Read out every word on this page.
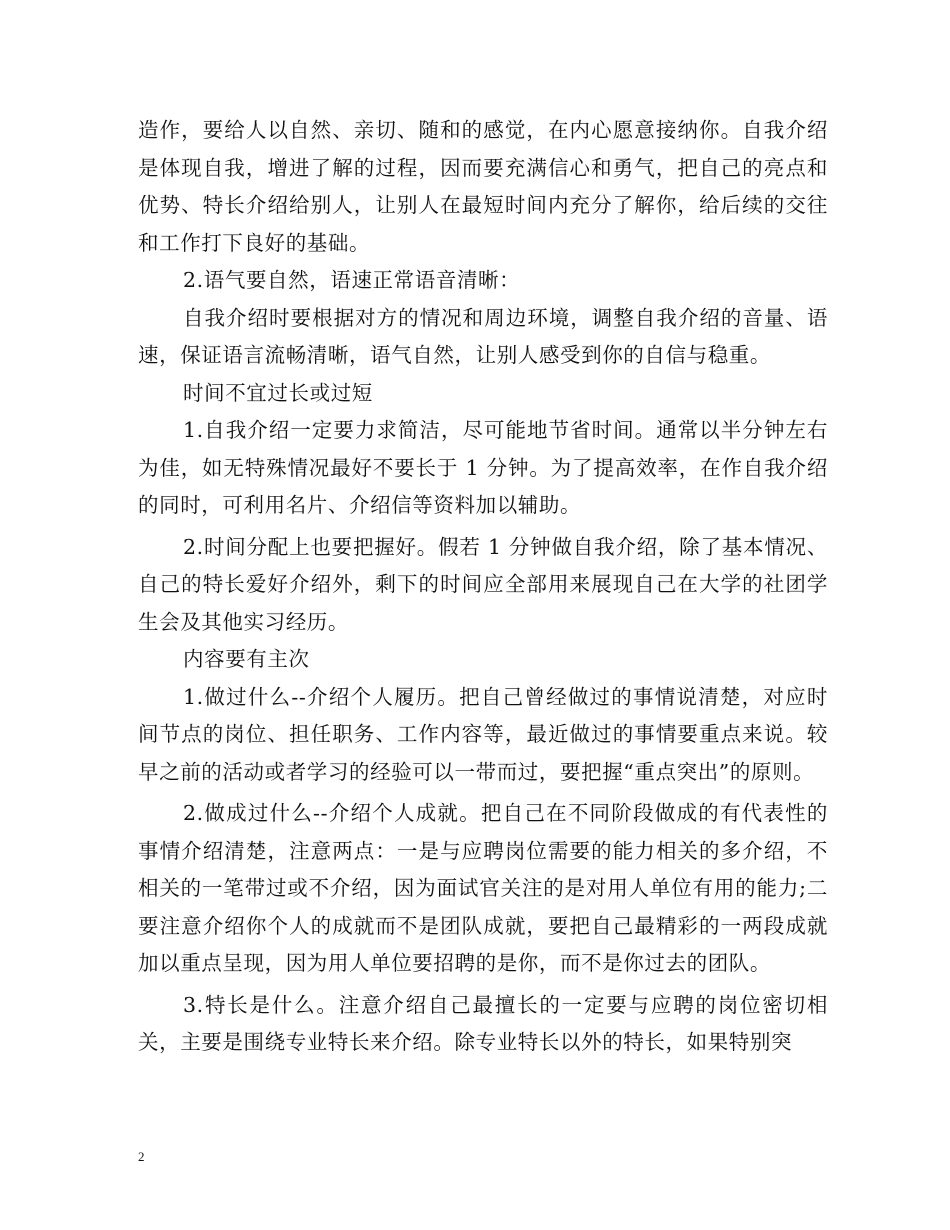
造作，要给人以自然、亲切、随和的感觉，在内心愿意接纳你。自我介绍是体现自我，增进了解的过程，因而要充满信心和勇气，把自己的亮点和优势、特长介绍给别人，让别人在最短时间内充分了解你，给后续的交往和工作打下良好的基础。

2.语气要自然，语速正常语音清晰：

自我介绍时要根据对方的情况和周边环境，调整自我介绍的音量、语速，保证语言流畅清晰，语气自然，让别人感受到你的自信与稳重。

时间不宜过长或过短

1.自我介绍一定要力求简洁，尽可能地节省时间。通常以半分钟左右为佳，如无特殊情况最好不要长于 1 分钟。为了提高效率，在作自我介绍的同时，可利用名片、介绍信等资料加以辅助。

2.时间分配上也要把握好。假若 1 分钟做自我介绍，除了基本情况、自己的特长爱好介绍外，剩下的时间应全部用来展现自己在大学的社团学生会及其他实习经历。

内容要有主次

1.做过什么--介绍个人履历。把自己曾经做过的事情说清楚，对应时间节点的岗位、担任职务、工作内容等，最近做过的事情要重点来说。较早之前的活动或者学习的经验可以一带而过，要把握“重点突出”的原则。

2.做成过什么--介绍个人成就。把自己在不同阶段做成的有代表性的事情介绍清楚，注意两点：一是与应聘岗位需要的能力相关的多介绍，不相关的一笔带过或不介绍，因为面试官关注的是对用人单位有用的能力;二要注意介绍你个人的成就而不是团队成就，要把自己最精彩的一两段成就加以重点呈现，因为用人单位要招聘的是你，而不是你过去的团队。

3.特长是什么。注意介绍自己最擅长的一定要与应聘的岗位密切相关，主要是围绕专业特长来介绍。除专业特长以外的特长，如果特别突

2
